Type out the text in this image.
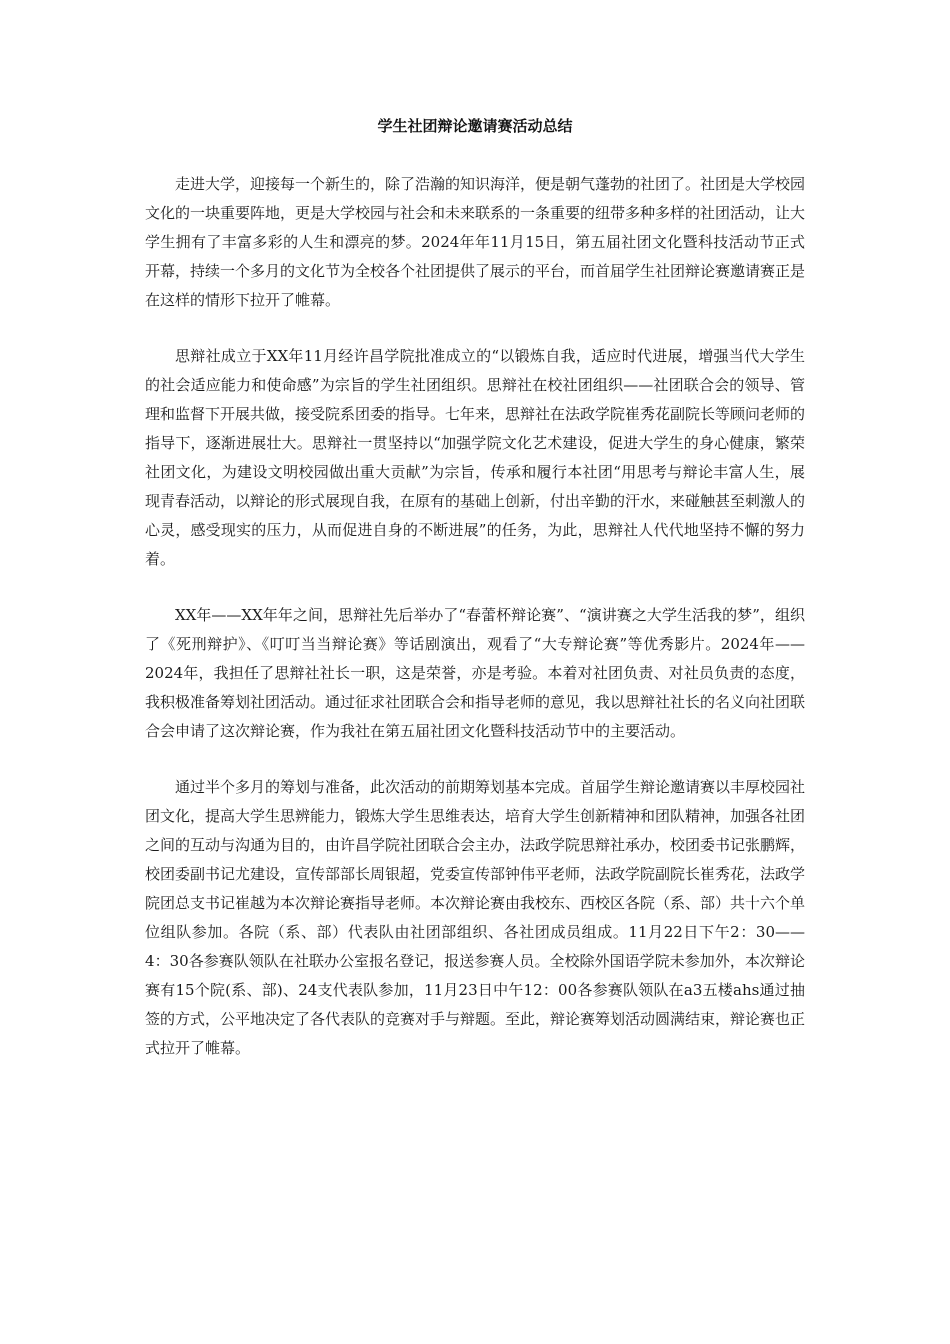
学生社团辩论邀请赛活动总结

走进大学，迎接每一个新生的，除了浩瀚的知识海洋，便是朝气蓬勃的社团了。社团是大学校园文化的一块重要阵地，更是大学校园与社会和未来联系的一条重要的纽带多种多样的社团活动，让大学生拥有了丰富多彩的人生和漂亮的梦。2024年年11月15日，第五届社团文化暨科技活动节正式开幕，持续一个多月的文化节为全校各个社团提供了展示的平台，而首届学生社团辩论赛邀请赛正是在这样的情形下拉开了帷幕。

思辩社成立于XX年11月经许昌学院批准成立的“以锻炼自我，适应时代进展，增强当代大学生的社会适应能力和使命感”为宗旨的学生社团组织。思辩社在校社团组织——社团联合会的领导、管理和监督下开展共做，接受院系团委的指导。七年来，思辩社在法政学院崔秀花副院长等顾问老师的指导下，逐渐进展壮大。思辩社一贯坚持以“加强学院文化艺术建设，促进大学生的身心健康，繁荣社团文化，为建设文明校园做出重大贡献”为宗旨，传承和履行本社团“用思考与辩论丰富人生，展现青春活动，以辩论的形式展现自我，在原有的基础上创新，付出辛勤的汗水，来碰触甚至刺激人的心灵，感受现实的压力，从而促进自身的不断进展”的任务，为此，思辩社人代代地坚持不懈的努力着。

XX年——XX年年之间，思辩社先后举办了“春蕾杯辩论赛”、“演讲赛之大学生活我的梦”，组织了《死刑辩护》、《叮叮当当辩论赛》等话剧演出，观看了“大专辩论赛”等优秀影片。2024年——2024年，我担任了思辩社社长一职，这是荣誉，亦是考验。本着对社团负责、对社员负责的态度，我积极准备筹划社团活动。通过征求社团联合会和指导老师的意见，我以思辩社社长的名义向社团联合会申请了这次辩论赛，作为我社在第五届社团文化暨科技活动节中的主要活动。

通过半个多月的筹划与准备，此次活动的前期筹划基本完成。首届学生辩论邀请赛以丰厚校园社团文化，提高大学生思辨能力，锻炼大学生思维表达，培育大学生创新精神和团队精神，加强各社团之间的互动与沟通为目的，由许昌学院社团联合会主办，法政学院思辩社承办，校团委书记张鹏辉，校团委副书记尤建设，宣传部部长周银超，党委宣传部钟伟平老师，法政学院副院长崔秀花，法政学院团总支书记崔越为本次辩论赛指导老师。本次辩论赛由我校东、西校区各院（系、部）共十六个单位组队参加。各院（系、部）代表队由社团部组织、各社团成员组成。11月22日下午2：30——4：30各参赛队领队在社联办公室报名登记，报送参赛人员。全校除外国语学院未参加外，本次辩论赛有15个院(系、部)、24支代表队参加，11月23日中午12：00各参赛队领队在a3五楼ahs通过抽签的方式，公平地决定了各代表队的竞赛对手与辩题。至此，辩论赛筹划活动圆满结束，辩论赛也正式拉开了帷幕。
